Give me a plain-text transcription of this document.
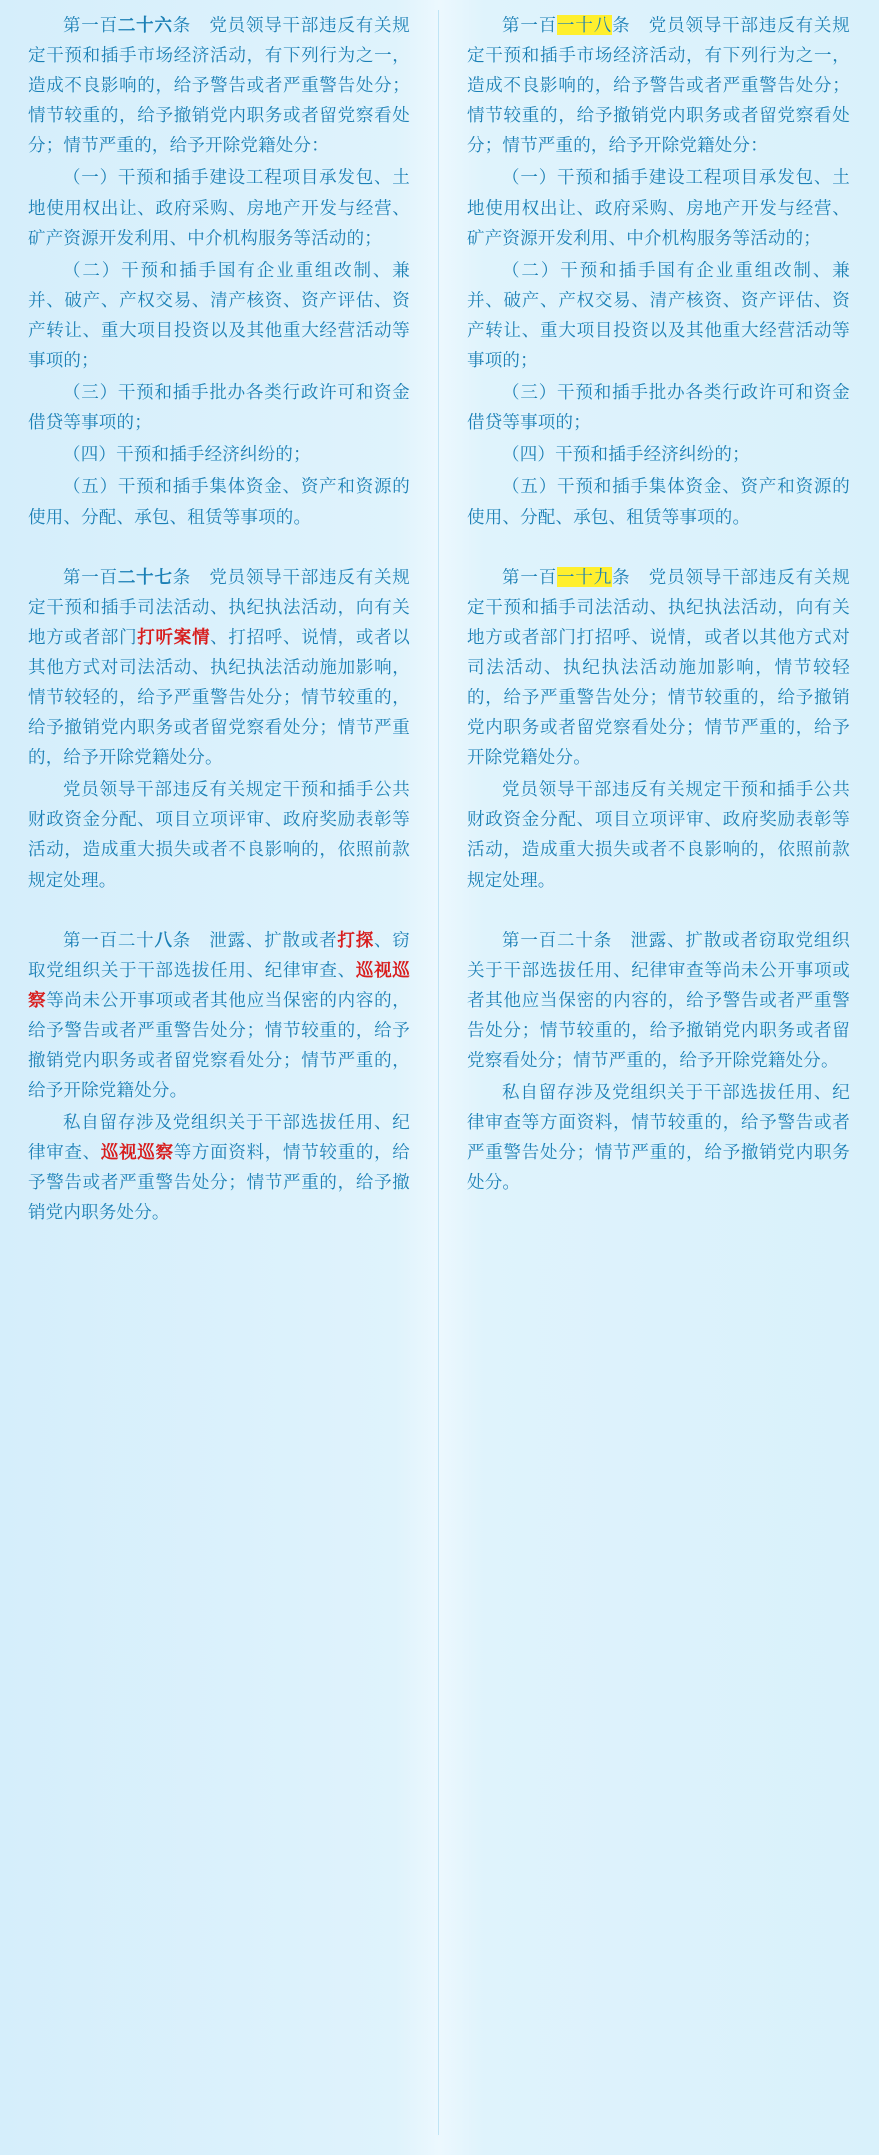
第一百二十六条　党员领导干部违反有关规定干预和插手市场经济活动，有下列行为之一，造成不良影响的，给予警告或者严重警告处分；情节较重的，给予撤销党内职务或者留党察看处分；情节严重的，给予开除党籍处分：

（一）干预和插手建设工程项目承发包、土地使用权出让、政府采购、房地产开发与经营、矿产资源开发利用、中介机构服务等活动的；

（二）干预和插手国有企业重组改制、兼并、破产、产权交易、清产核资、资产评估、资产转让、重大项目投资以及其他重大经营活动等事项的；

（三）干预和插手批办各类行政许可和资金借贷等事项的；

（四）干预和插手经济纠纷的；

（五）干预和插手集体资金、资产和资源的使用、分配、承包、租赁等事项的。

第一百二十七条　党员领导干部违反有关规定干预和插手司法活动、执纪执法活动，向有关地方或者部门打听案情、打招呼、说情，或者以其他方式对司法活动、执纪执法活动施加影响，情节较轻的，给予严重警告处分；情节较重的，给予撤销党内职务或者留党察看处分；情节严重的，给予开除党籍处分。

党员领导干部违反有关规定干预和插手公共财政资金分配、项目立项评审、政府奖励表彰等活动，造成重大损失或者不良影响的，依照前款规定处理。

第一百二十八条　泄露、扩散或者打探、窃取党组织关于干部选拔任用、纪律审查、巡视巡察等尚未公开事项或者其他应当保密的内容的，给予警告或者严重警告处分；情节较重的，给予撤销党内职务或者留党察看处分；情节严重的，给予开除党籍处分。

私自留存涉及党组织关于干部选拔任用、纪律审查、巡视巡察等方面资料，情节较重的，给予警告或者严重警告处分；情节严重的，给予撤销党内职务处分。

第一百一十八条　党员领导干部违反有关规定干预和插手市场经济活动，有下列行为之一，造成不良影响的，给予警告或者严重警告处分；情节较重的，给予撤销党内职务或者留党察看处分；情节严重的，给予开除党籍处分：

（一）干预和插手建设工程项目承发包、土地使用权出让、政府采购、房地产开发与经营、矿产资源开发利用、中介机构服务等活动的；

（二）干预和插手国有企业重组改制、兼并、破产、产权交易、清产核资、资产评估、资产转让、重大项目投资以及其他重大经营活动等事项的；

（三）干预和插手批办各类行政许可和资金借贷等事项的；

（四）干预和插手经济纠纷的；

（五）干预和插手集体资金、资产和资源的使用、分配、承包、租赁等事项的。

第一百一十九条　党员领导干部违反有关规定干预和插手司法活动、执纪执法活动，向有关地方或者部门打招呼、说情，或者以其他方式对司法活动、执纪执法活动施加影响，情节较轻的，给予严重警告处分；情节较重的，给予撤销党内职务或者留党察看处分；情节严重的，给予开除党籍处分。

党员领导干部违反有关规定干预和插手公共财政资金分配、项目立项评审、政府奖励表彰等活动，造成重大损失或者不良影响的，依照前款规定处理。

第一百二十条　泄露、扩散或者窃取党组织关于干部选拔任用、纪律审查等尚未公开事项或者其他应当保密的内容的，给予警告或者严重警告处分；情节较重的，给予撤销党内职务或者留党察看处分；情节严重的，给予开除党籍处分。

私自留存涉及党组织关于干部选拔任用、纪律审查等方面资料，情节较重的，给予警告或者严重警告处分；情节严重的，给予撤销党内职务处分。
